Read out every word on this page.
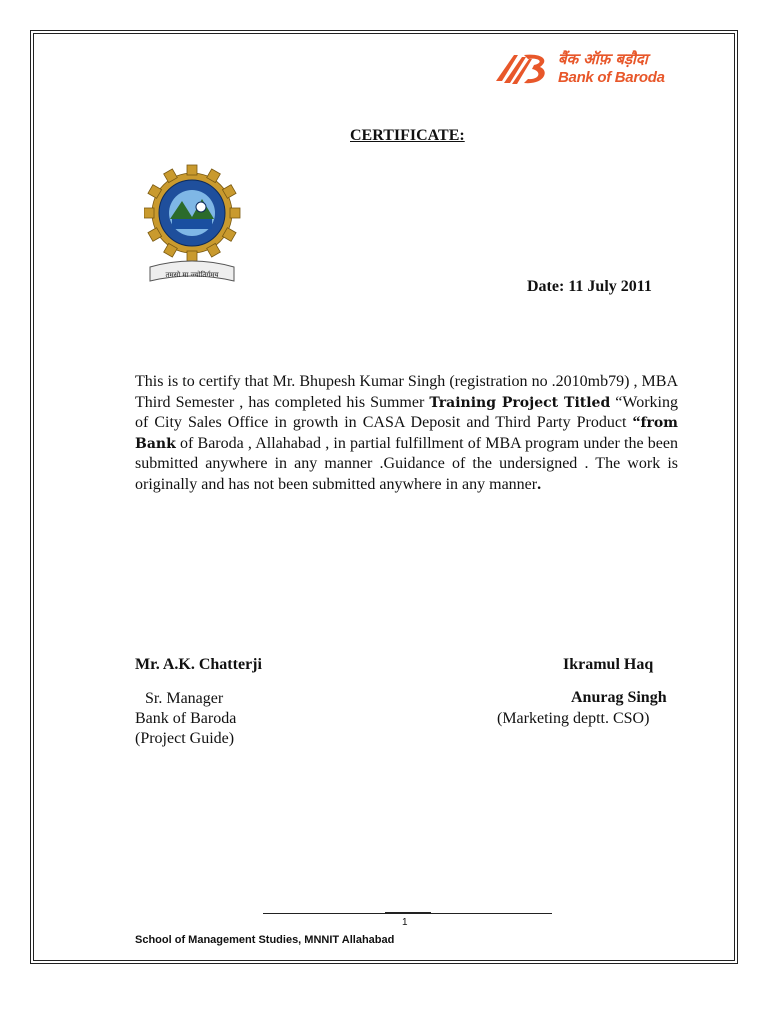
बैंक ऑफ़ बड़ौदा
Bank of Baroda
CERTIFICATE:
तमसो मा ज्योतिर्गमय
Date: 11 July 2011
This is to certify that Mr. Bhupesh Kumar Singh (registration no .2010mb79) , MBA Third Semester , has completed his Summer Training Project Titled “Working of City Sales Office in growth in CASA Deposit and Third Party Product “from Bank of Baroda , Allahabad , in partial fulfillment of MBA program under the been submitted anywhere in any manner .Guidance of the undersigned . The work is originally and has not been submitted anywhere in any manner.
Mr. A.K. Chatterji
Sr. Manager
Bank of Baroda
(Project Guide)
Ikramul Haq
Anurag Singh
(Marketing deptt. CSO)
1
School of Management Studies, MNNIT Allahabad
